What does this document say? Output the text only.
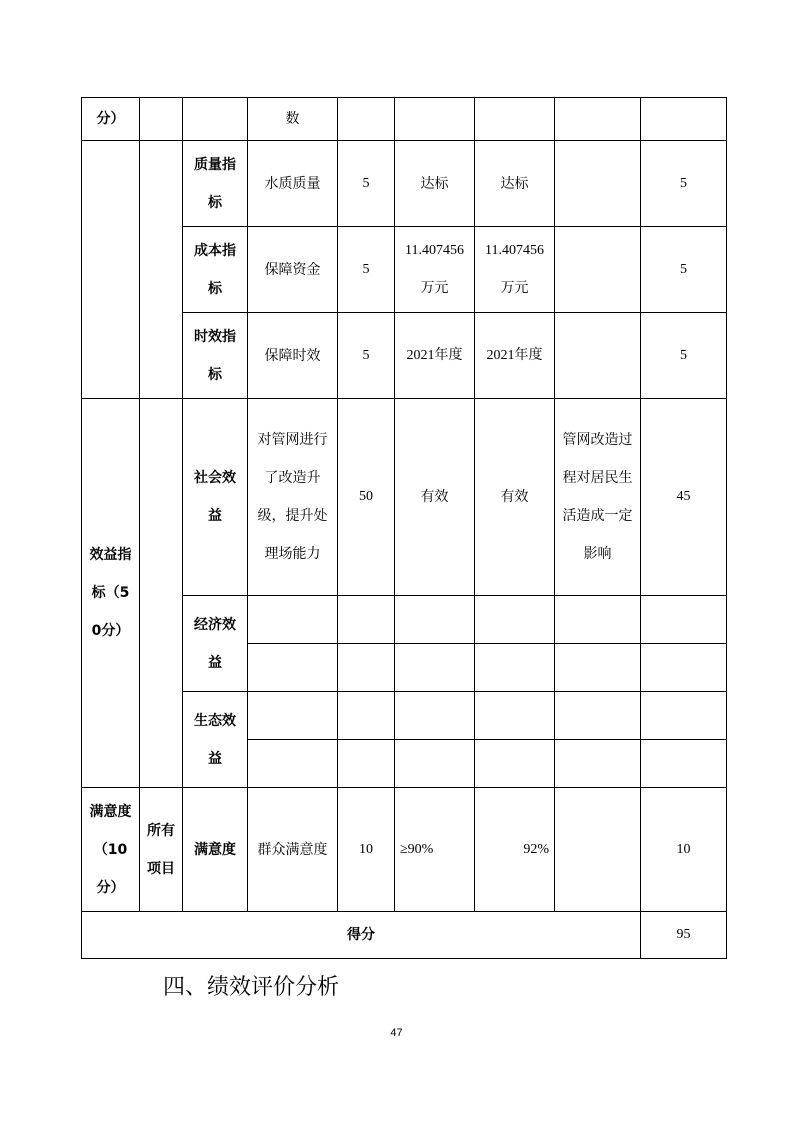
分）			数					
		质量指标	水质质量	5	达标	达标		5
		成本指标	保障资金	5	11.407456万元	11.407456万元		5
		时效指标	保障时效	5	2021年度	2021年度		5
效益指标（50分）		社会效益	对管网进行了改造升级，提升处理场能力	50	有效	有效	管网改造过程对居民生活造成一定影响	45
		经济效益						

		生态效益						

满意度（10分）	所有项目	满意度	群众满意度	10	≥90%	92%		10
得分								95
四、绩效评价分析
47
